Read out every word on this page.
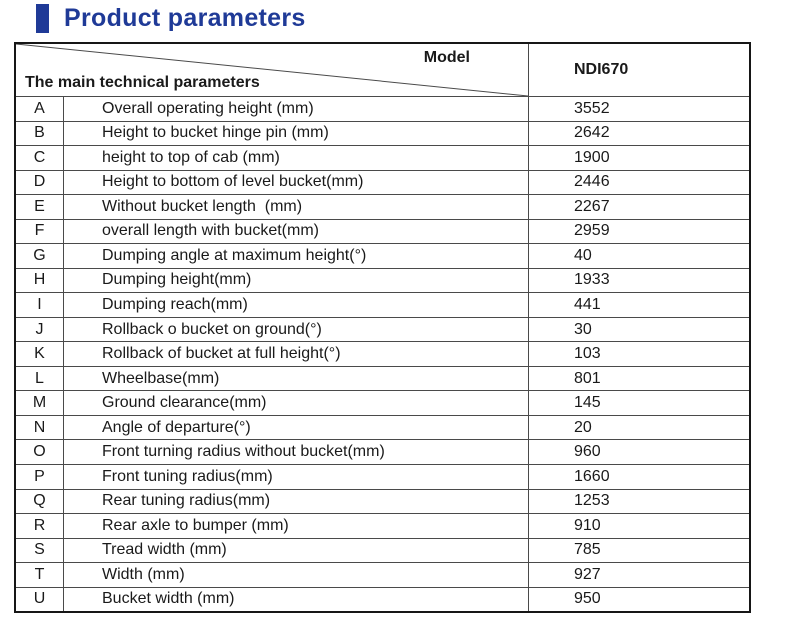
Product parameters
Model
The main technical parameters
NDI670
A	Overall operating height (mm)	3552
B	Height to bucket hinge pin (mm)	2642
C	height to top of cab (mm)	1900
D	Height to bottom of level bucket(mm)	2446
E	Without bucket length  (mm)	2267
F	overall length with bucket(mm)	2959
G	Dumping angle at maximum height(°)	40
H	Dumping height(mm)	1933
I	Dumping reach(mm)	441
J	Rollback o bucket on ground(°)	30
K	Rollback of bucket at full height(°)	103
L	Wheelbase(mm)	801
M	Ground clearance(mm)	145
N	Angle of departure(°)	20
O	Front turning radius without bucket(mm)	960
P	Front tuning radius(mm)	1660
Q	Rear tuning radius(mm)	1253
R	Rear axle to bumper (mm)	910
S	Tread width (mm)	785
T	Width (mm)	927
U	Bucket width (mm)	950
